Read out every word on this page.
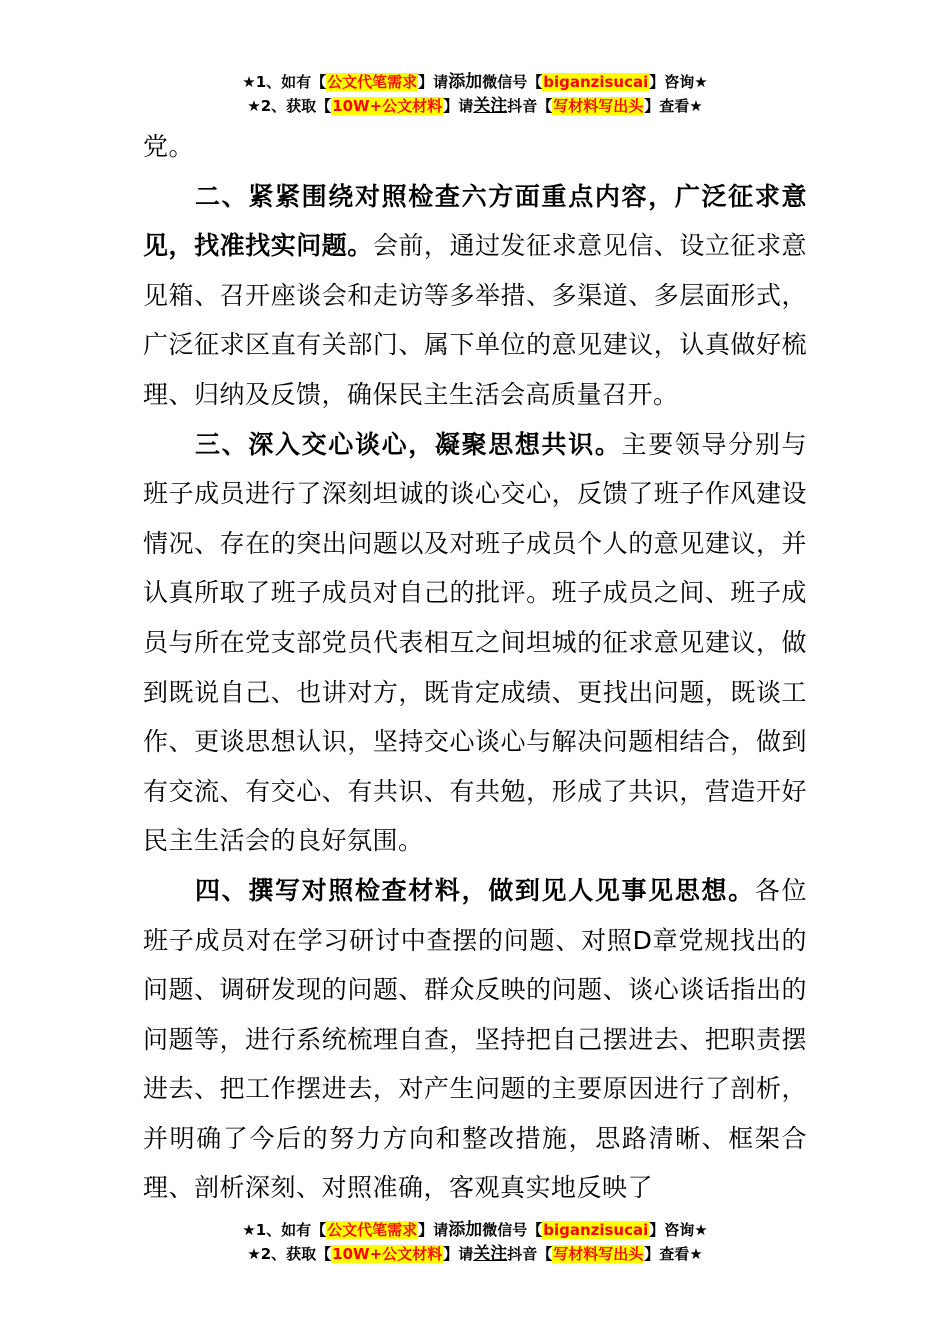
★1、如有【公文代笔需求】请添加微信号【biganzisucai】咨询★
★2、获取【10W+公文材料】请关注抖音【写材料写出头】查看★

党。

二、紧紧围绕对照检查六方面重点内容，广泛征求意见，找准找实问题。会前，通过发征求意见信、设立征求意见箱、召开座谈会和走访等多举措、多渠道、多层面形式，广泛征求区直有关部门、属下单位的意见建议，认真做好梳理、归纳及反馈，确保民主生活会高质量召开。

三、深入交心谈心，凝聚思想共识。主要领导分别与班子成员进行了深刻坦诚的谈心交心，反馈了班子作风建设情况、存在的突出问题以及对班子成员个人的意见建议，并认真所取了班子成员对自己的批评。班子成员之间、班子成员与所在党支部党员代表相互之间坦城的征求意见建议，做到既说自己、也讲对方，既肯定成绩、更找出问题，既谈工作、更谈思想认识，坚持交心谈心与解决问题相结合，做到有交流、有交心、有共识、有共勉，形成了共识，营造开好民主生活会的良好氛围。

四、撰写对照检查材料，做到见人见事见思想。各位班子成员对在学习研讨中查摆的问题、对照D章党规找出的问题、调研发现的问题、群众反映的问题、谈心谈话指出的问题等，进行系统梳理自查，坚持把自己摆进去、把职责摆进去、把工作摆进去，对产生问题的主要原因进行了剖析，并明确了今后的努力方向和整改措施，思路清晰、框架合理、剖析深刻、对照准确，客观真实地反映了

★1、如有【公文代笔需求】请添加微信号【biganzisucai】咨询★
★2、获取【10W+公文材料】请关注抖音【写材料写出头】查看★
